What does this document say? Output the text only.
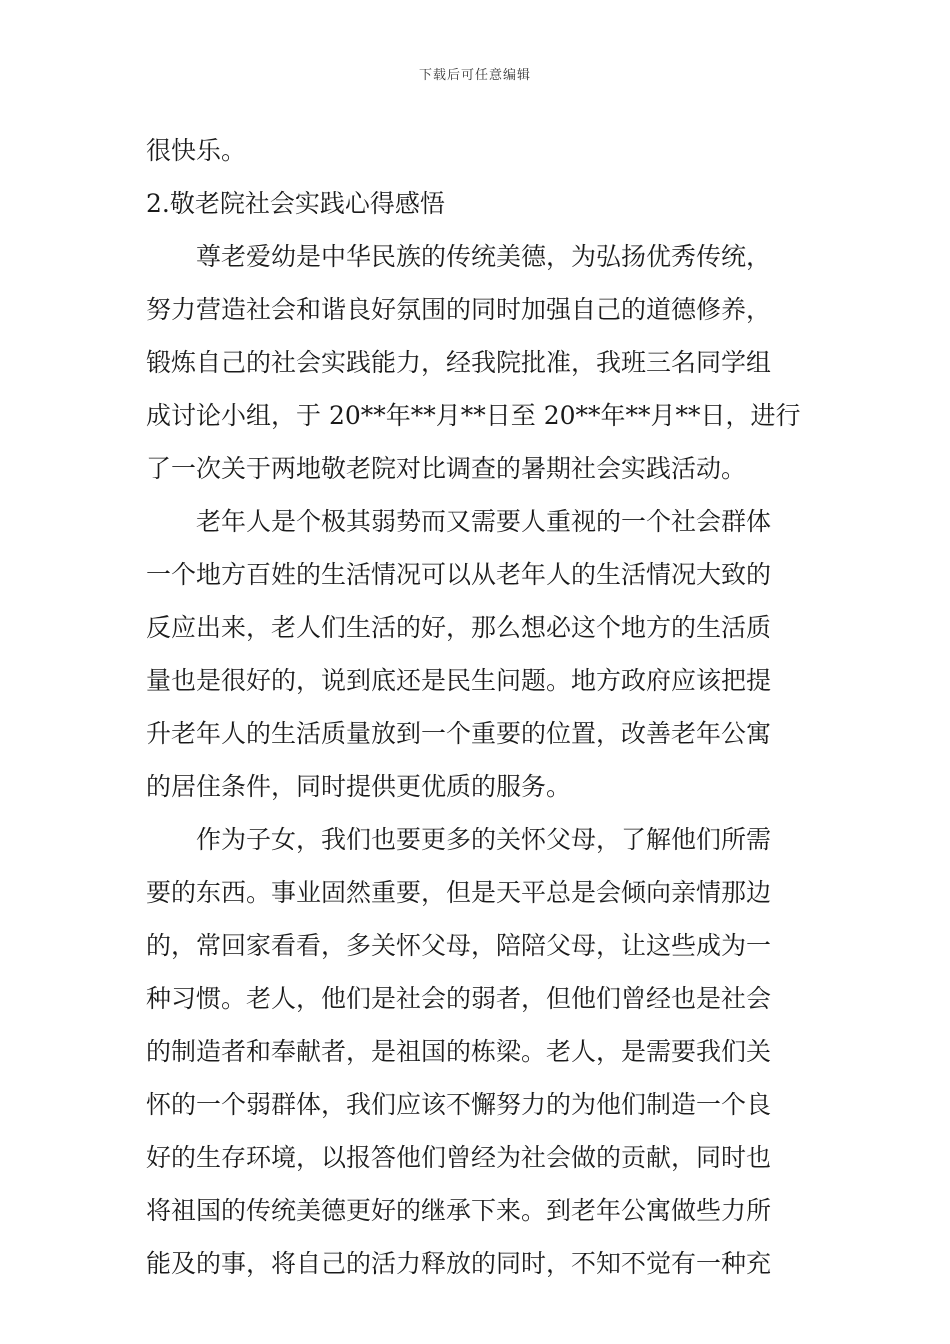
下载后可任意编辑
很快乐。
2.敬老院社会实践心得感悟
尊老爱幼是中华民族的传统美德，为弘扬优秀传统，
努力营造社会和谐良好氛围的同时加强自己的道德修养，
锻炼自己的社会实践能力，经我院批准，我班三名同学组
成讨论小组，于 20**年**月**日至 20**年**月**日，进行
了一次关于两地敬老院对比调查的暑期社会实践活动。
老年人是个极其弱势而又需要人重视的一个社会群体
一个地方百姓的生活情况可以从老年人的生活情况大致的
反应出来，老人们生活的好，那么想必这个地方的生活质
量也是很好的，说到底还是民生问题。地方政府应该把提
升老年人的生活质量放到一个重要的位置，改善老年公寓
的居住条件，同时提供更优质的服务。
作为子女，我们也要更多的关怀父母，了解他们所需
要的东西。事业固然重要，但是天平总是会倾向亲情那边
的，常回家看看，多关怀父母，陪陪父母，让这些成为一
种习惯。老人，他们是社会的弱者，但他们曾经也是社会
的制造者和奉献者，是祖国的栋梁。老人，是需要我们关
怀的一个弱群体，我们应该不懈努力的为他们制造一个良
好的生存环境，以报答他们曾经为社会做的贡献，同时也
将祖国的传统美德更好的继承下来。到老年公寓做些力所
能及的事，将自己的活力释放的同时，不知不觉有一种充
